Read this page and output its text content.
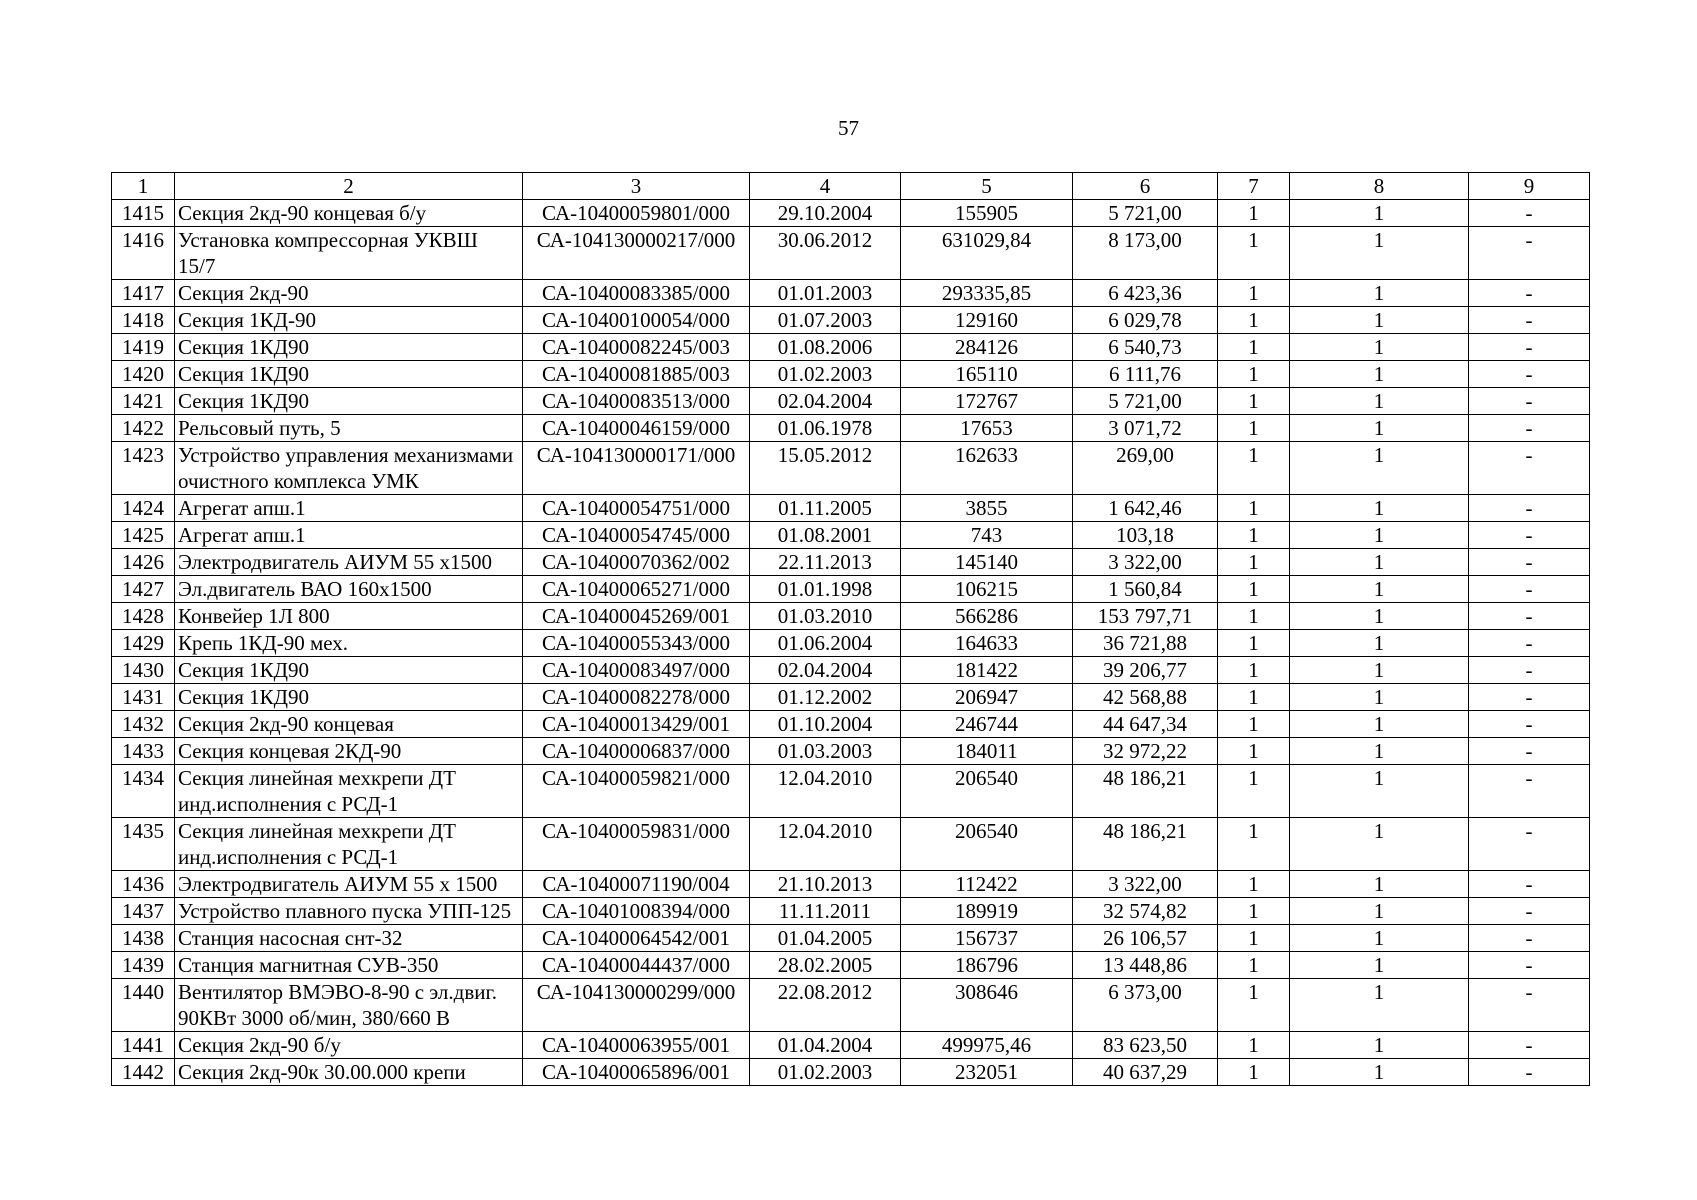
57
1	2	3	4	5	6	7	8	9
1415	Секция 2кд-90 концевая б/у	СА-10400059801/000	29.10.2004	155905	5 721,00	1	1	-
1416	Установка компрессорная УКВШ 15/7	СА-104130000217/000	30.06.2012	631029,84	8 173,00	1	1	-
1417	Секция 2кд-90	СА-10400083385/000	01.01.2003	293335,85	6 423,36	1	1	-
1418	Секция 1КД-90	СА-10400100054/000	01.07.2003	129160	6 029,78	1	1	-
1419	Секция 1КД90	СА-10400082245/003	01.08.2006	284126	6 540,73	1	1	-
1420	Секция 1КД90	СА-10400081885/003	01.02.2003	165110	6 111,76	1	1	-
1421	Секция 1КД90	СА-10400083513/000	02.04.2004	172767	5 721,00	1	1	-
1422	Рельсовый путь, 5	СА-10400046159/000	01.06.1978	17653	3 071,72	1	1	-
1423	Устройство управления механизмами очистного комплекса УМК	СА-104130000171/000	15.05.2012	162633	269,00	1	1	-
1424	Агрегат апш.1	СА-10400054751/000	01.11.2005	3855	1 642,46	1	1	-
1425	Агрегат апш.1	СА-10400054745/000	01.08.2001	743	103,18	1	1	-
1426	Электродвигатель АИУМ 55 х1500	СА-10400070362/002	22.11.2013	145140	3 322,00	1	1	-
1427	Эл.двигатель ВАО 160х1500	СА-10400065271/000	01.01.1998	106215	1 560,84	1	1	-
1428	Конвейер 1Л 800	СА-10400045269/001	01.03.2010	566286	153 797,71	1	1	-
1429	Крепь 1КД-90 мех.	СА-10400055343/000	01.06.2004	164633	36 721,88	1	1	-
1430	Секция 1КД90	СА-10400083497/000	02.04.2004	181422	39 206,77	1	1	-
1431	Секция 1КД90	СА-10400082278/000	01.12.2002	206947	42 568,88	1	1	-
1432	Секция 2кд-90 концевая	СА-10400013429/001	01.10.2004	246744	44 647,34	1	1	-
1433	Секция концевая 2КД-90	СА-10400006837/000	01.03.2003	184011	32 972,22	1	1	-
1434	Секция линейная мехкрепи ДТ инд.исполнения с РСД-1	СА-10400059821/000	12.04.2010	206540	48 186,21	1	1	-
1435	Секция линейная мехкрепи ДТ инд.исполнения с РСД-1	СА-10400059831/000	12.04.2010	206540	48 186,21	1	1	-
1436	Электродвигатель АИУМ 55 х 1500	СА-10400071190/004	21.10.2013	112422	3 322,00	1	1	-
1437	Устройство плавного пуска УПП-125	СА-10401008394/000	11.11.2011	189919	32 574,82	1	1	-
1438	Станция насосная снт-32	СА-10400064542/001	01.04.2005	156737	26 106,57	1	1	-
1439	Станция магнитная СУВ-350	СА-10400044437/000	28.02.2005	186796	13 448,86	1	1	-
1440	Вентилятор ВМЭВО-8-90 с эл.двиг. 90КВт 3000 об/мин, 380/660 В	СА-104130000299/000	22.08.2012	308646	6 373,00	1	1	-
1441	Секция 2кд-90 б/у	СА-10400063955/001	01.04.2004	499975,46	83 623,50	1	1	-
1442	Секция 2кд-90к 30.00.000 крепи	СА-10400065896/001	01.02.2003	232051	40 637,29	1	1	-
